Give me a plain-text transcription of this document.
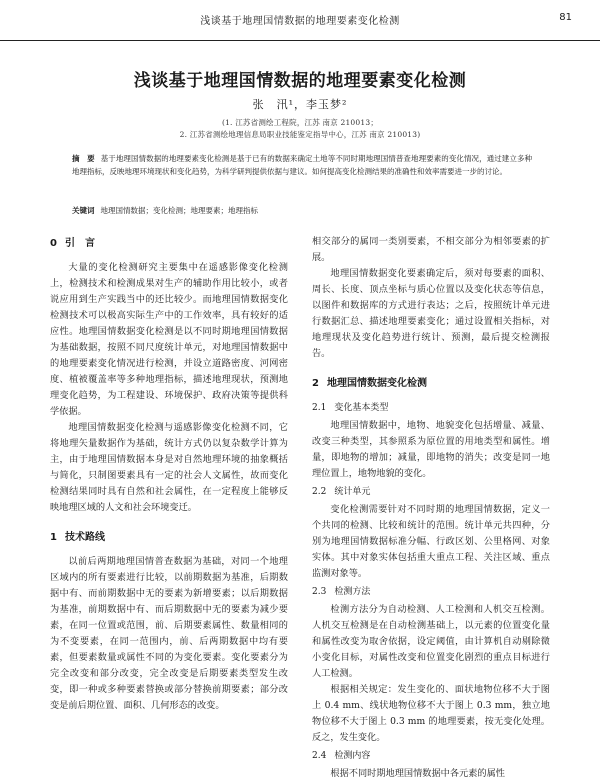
浅谈基于地理国情数据的地理要素变化检测	81
浅谈基于地理国情数据的地理要素变化检测
张　汛¹，李玉梦²
(1. 江苏省测绘工程院，江苏 南京 210013；
2. 江苏省测绘地理信息局职业技能鉴定指导中心，江苏 南京 210013)
摘　要 基于地理国情数据的地理要素变化检测是基于已有的数据来确定土地等不同时期地理国情普查地理要素的变化情况，通过建立多种地理指标，反映地理环境现状和变化趋势，为科学研判提供依据与建议。如何提高变化检测结果的准确性和效率需要进一步的讨论。
关键词 地理国情数据；变化检测；地理要素；地理指标
0 引　言

大量的变化检测研究主要集中在遥感影像变化检测上，检测技术和检测成果对生产的辅助作用比较小，或者说应用到生产实践当中的还比较少。而地理国情数据变化检测技术可以极高实际生产中的工作效率，具有较好的适应性。地理国情数据变化检测是以不同时期地理国情数据为基础数据，按照不同尺度统计单元，对地理国情数据中的地理要素变化情况进行检测，并设立道路密度、河网密度、植被覆盖率等多种地理指标，描述地理现状，预测地理变化趋势，为工程建设、环境保护、政府决策等提供科学依据。

地理国情数据变化检测与遥感影像变化检测不同，它将地理矢量数据作为基础，统计方式仍以复杂数学计算为主，由于地理国情数据本身是对自然地理环境的抽象概括与简化，只制图要素具有一定的社会人文属性，故而变化检测结果同时具有自然和社会属性，在一定程度上能够反映地理区域的人文和社会环境变迁。

1 技术路线

以前后两期地理国情普查数据为基础，对同一个地理区域内的所有要素进行比较，以前期数据为基准，后期数据中有、而前期数据中无的要素为新增要素；以后期数据为基准，前期数据中有、而后期数据中无的要素为减少要素，在同一位置或范围，前、后期要素属性、数量相同的为不变要素，在同一范围内，前、后两期数据中均有要素，但要素数量或属性不同的为变化要素。变化要素分为完全改变和部分改变，完全改变是后期要素类型发生改变，即一种或多种要素替换或部分替换前期要素；部分改变是前后期位置、面积、几何形态的改变。

相交部分的属同一类别要素，不相交部分为相邻要素的扩展。

地理国情数据变化要素确定后，须对每要素的面积、周长、长度、顶点坐标与质心位置以及变化状态等信息，以图件和数据库的方式进行表达；之后，按照统计单元进行数据汇总、描述地理要素变化；通过设置相关指标，对地理现状及变化趋势进行统计、预测，最后提交检测报告。

2 地理国情数据变化检测
2.1 变化基本类型

地理国情数据中，地物、地貌变化包括增量、减量、改变三种类型，其参照系为原位置的用地类型和属性。增量，即地物的增加；减量，即地物的消失；改变是同一地理位置上，地物地貌的变化。

2.2 统计单元

变化检测需要针对不同时期的地理国情数据，定义一个共同的检测、比较和统计的范围。统计单元共四种，分别为地理国情数据标准分幅、行政区划、公里格网、对象实体。其中对象实体包括重大重点工程、关注区域、重点监测对象等。

2.3 检测方法

检测方法分为自动检测、人工检测和人机交互检测。人机交互检测是在自动检测基础上，以元素的位置变化量和属性改变为取舍依据，设定阈值，由计算机自动剔除微小变化目标，对属性改变和位置变化剧烈的重点目标进行人工检测。

根据相关规定：发生变化的、面状地物位移不大于图上 0.4 mm、线状地物位移不大于图上 0.3 mm，独立地物位移不大于图上 0.3 mm 的地理要素，按无变化处理。反之，发生变化。

2.4 检测内容

根据不同时期地理国情数据中各元素的属性
